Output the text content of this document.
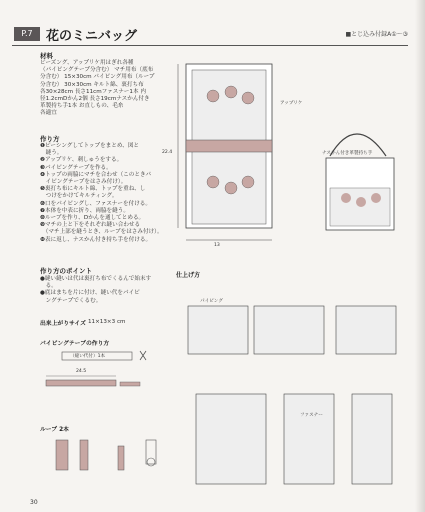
P.7	花のミニバッグ	■とじ込み付録A①～③
材料
ビーズング、アップリケ用はぎれ各種
（パイピングテープ分含む） マチ用布（底布
分含む） 15×30cm パイピング用布（ループ
分含む） 30×30cm キルト綿、裏打ち布
各30×28cm 長さ11cmファスナー1本 内
径1.2cmDかん2個 長さ19cmナスかん付き
革製持ち手1本 お直しもの、毛糸
各適宜
作り方
❶ピーシングしてトップをまとめ、図と
　縫う。
❷アップリケ、刺しゅうをする。
❸パイピングテープを作る。
❹トップの両脇にマチを合わせ（このときパ
　イピングテープをはさみ付け）。
❺裏打ち布にキルト綿、トップを重ね、し
　つけをかけてキルティング。
❻口をパイピングし、ファスナーを付ける。
❼本体を中表に折り、両脇を縫う。
❽ループを作り、Dかんを通してとめる。
❾マチの上と下をそれぞれ縫い合わせる
　（マチ上部を縫うとき、ループをはさみ付け）。
❿表に返し、ナスかん付き持ち手を付ける。
作り方のポイント
●縫い縫いは代は裏打ち布でくるんで始末す
　る。
●底はまちを片に付け、縫い代をパイピ
　ングテープでくるむ。
出来上がりサイズ 11×13×3 cm
パイピングテープの作り方
（縫い代付）1本
24.5
ループ 2本
13
22.4
アップリケ
ナスかん付き革製持ち手
仕上げ方
パイピング
ファスナー
30
